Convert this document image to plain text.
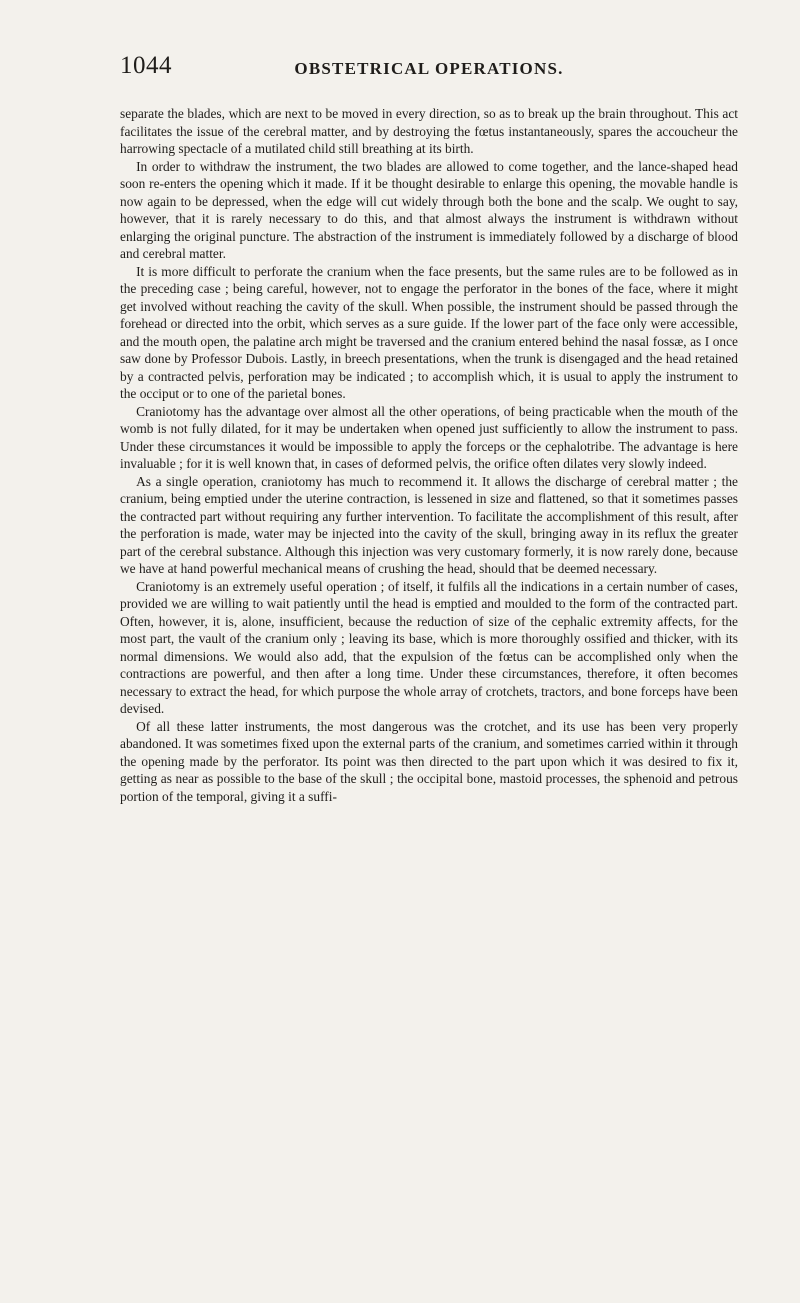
1044	OBSTETRICAL OPERATIONS.

separate the blades, which are next to be moved in every direction, so as to break up the brain throughout. This act facilitates the issue of the cerebral matter, and by destroying the fœtus instantaneously, spares the accoucheur the harrowing spectacle of a mutilated child still breathing at its birth.

In order to withdraw the instrument, the two blades are allowed to come together, and the lance-shaped head soon re-enters the opening which it made. If it be thought desirable to enlarge this opening, the movable handle is now again to be depressed, when the edge will cut widely through both the bone and the scalp. We ought to say, however, that it is rarely necessary to do this, and that almost always the instrument is withdrawn without enlarging the original puncture. The abstraction of the instrument is immediately followed by a discharge of blood and cerebral matter.

It is more difficult to perforate the cranium when the face presents, but the same rules are to be followed as in the preceding case ; being careful, however, not to engage the perforator in the bones of the face, where it might get involved without reaching the cavity of the skull. When possible, the instrument should be passed through the forehead or directed into the orbit, which serves as a sure guide. If the lower part of the face only were accessible, and the mouth open, the palatine arch might be traversed and the cranium entered behind the nasal fossæ, as I once saw done by Professor Dubois. Lastly, in breech presentations, when the trunk is disengaged and the head retained by a contracted pelvis, perforation may be indicated ; to accomplish which, it is usual to apply the instrument to the occiput or to one of the parietal bones.

Craniotomy has the advantage over almost all the other operations, of being practicable when the mouth of the womb is not fully dilated, for it may be undertaken when opened just sufficiently to allow the instrument to pass. Under these circumstances it would be impossible to apply the forceps or the cephalotribe. The advantage is here invaluable ; for it is well known that, in cases of deformed pelvis, the orifice often dilates very slowly indeed.

As a single operation, craniotomy has much to recommend it. It allows the discharge of cerebral matter ; the cranium, being emptied under the uterine contraction, is lessened in size and flattened, so that it sometimes passes the contracted part without requiring any further intervention. To facilitate the accomplishment of this result, after the perforation is made, water may be injected into the cavity of the skull, bringing away in its reflux the greater part of the cerebral substance. Although this injection was very customary formerly, it is now rarely done, because we have at hand powerful mechanical means of crushing the head, should that be deemed necessary.

Craniotomy is an extremely useful operation ; of itself, it fulfils all the indications in a certain number of cases, provided we are willing to wait patiently until the head is emptied and moulded to the form of the contracted part. Often, however, it is, alone, insufficient, because the reduction of size of the cephalic extremity affects, for the most part, the vault of the cranium only ; leaving its base, which is more thoroughly ossified and thicker, with its normal dimensions. We would also add, that the expulsion of the fœtus can be accomplished only when the contractions are powerful, and then after a long time. Under these circumstances, therefore, it often becomes necessary to extract the head, for which purpose the whole array of crotchets, tractors, and bone forceps have been devised.

Of all these latter instruments, the most dangerous was the crotchet, and its use has been very properly abandoned. It was sometimes fixed upon the external parts of the cranium, and sometimes carried within it through the opening made by the perforator. Its point was then directed to the part upon which it was desired to fix it, getting as near as possible to the base of the skull ; the occipital bone, mastoid processes, the sphenoid and petrous portion of the temporal, giving it a suffi-
